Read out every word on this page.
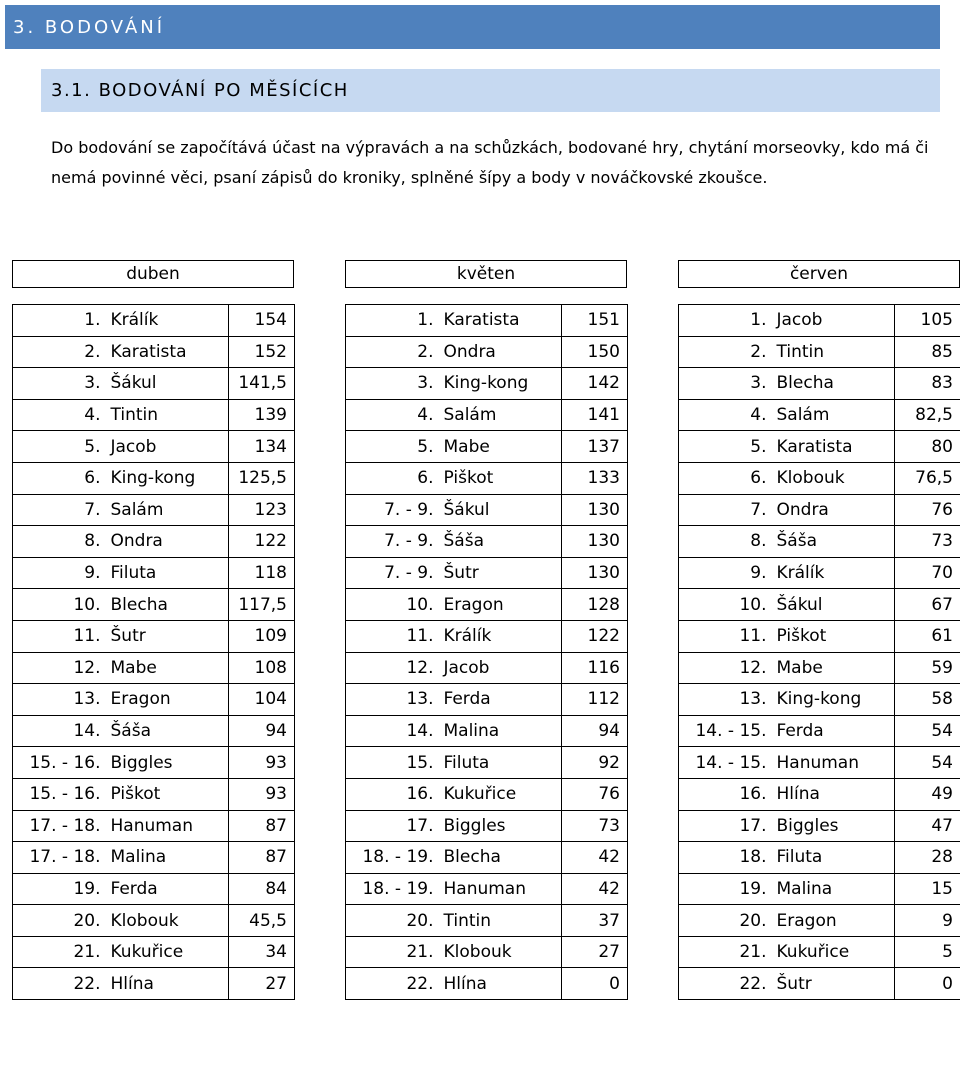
3. BODOVÁNÍ
3.1. BODOVÁNÍ PO MĚSÍCÍCH
Do bodování se započítává účast na výpravách a na schůzkách, bodované hry, chytání morseovky, kdo má či nemá povinné věci, psaní zápisů do kroniky, splněné šípy a body v nováčkovské zkoušce.
duben	květen	červen
1.	Králík	154
2.	Karatista	152
3.	Šákul	141,5
4.	Tintin	139
5.	Jacob	134
6.	King-kong	125,5
7.	Salám	123
8.	Ondra	122
9.	Filuta	118
10.	Blecha	117,5
11.	Šutr	109
12.	Mabe	108
13.	Eragon	104
14.	Šáša	94
15. - 16.	Biggles	93
15. - 16.	Piškot	93
17. - 18.	Hanuman	87
17. - 18.	Malina	87
19.	Ferda	84
20.	Klobouk	45,5
21.	Kukuřice	34
22.	Hlína	27
1.	Karatista	151
2.	Ondra	150
3.	King-kong	142
4.	Salám	141
5.	Mabe	137
6.	Piškot	133
7. - 9.	Šákul	130
7. - 9.	Šáša	130
7. - 9.	Šutr	130
10.	Eragon	128
11.	Králík	122
12.	Jacob	116
13.	Ferda	112
14.	Malina	94
15.	Filuta	92
16.	Kukuřice	76
17.	Biggles	73
18. - 19.	Blecha	42
18. - 19.	Hanuman	42
20.	Tintin	37
21.	Klobouk	27
22.	Hlína	0
1.	Jacob	105
2.	Tintin	85
3.	Blecha	83
4.	Salám	82,5
5.	Karatista	80
6.	Klobouk	76,5
7.	Ondra	76
8.	Šáša	73
9.	Králík	70
10.	Šákul	67
11.	Piškot	61
12.	Mabe	59
13.	King-kong	58
14. - 15.	Ferda	54
14. - 15.	Hanuman	54
16.	Hlína	49
17.	Biggles	47
18.	Filuta	28
19.	Malina	15
20.	Eragon	9
21.	Kukuřice	5
22.	Šutr	0
